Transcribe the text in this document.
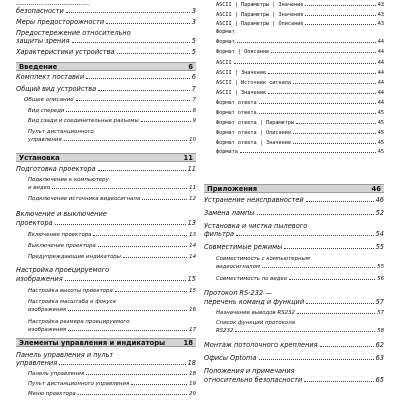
...................................
безопасности	3
Меры предосторожности	3
Предостережение относительно
защиты зрения	5
Характеристики устройства	5
Введение	6
Комплект поставки	6
Общий вид устройства	7
Общее описание	7
Вид спереди	8
Вид сзади и соединительные разъемы	9
Пульт дистанционного
управления	10
Установка	11
Подготовка проектора	11
Подключение к компьютеру
и видео	11
Подключение источника видеосигнала	12
Включение и выключение
проектора	13
Включение проектора	13
Выключение проектора	14
Предупреждающие индикаторы	14
Настройка проецируемого
изображения	15
Настройка высоты проектора	15
Настройка масштаба и фокуса
изображения	16
Настройка размера проецируемого
изображения	17
Элементы управления и индикаторы	18
Панель управления и пульт
управления	18
Панель управления	18
Пульт дистанционного управления	19
Меню проектора	20
ASCII | Параметры | Значение	43
ASCII | Параметры | Значение	43
ASCII | Параметры | Описание	43
Формат
Формат	44
Формат | Описание	44
ASCII	44
ASCII | Значение	44
ASCII | Источник сигнала	44
ASCII | Значение	44
Формат ответа	44
Формат ответа	45
Формат ответа | Параметры	45
Формат ответа | Описание	45
Формат ответа | Значение	45
формата	45
Приложения	46
Устранение неисправностей	46
Замена лампы	52
Установка и чистка пылевого
фильтра	54
Совместимые режимы	55
Совместимость с компьютерным
видеосигналом	55
Совместимость по видео	56
Протокол RS-232 —
перечень команд и функций	57
Назначение выводов RS232	57
Список функций протокола
RS232	58
Монтаж потолочного крепления	62
Офисы Optoma	63
Положения и примечания
относительно безопасности	65
